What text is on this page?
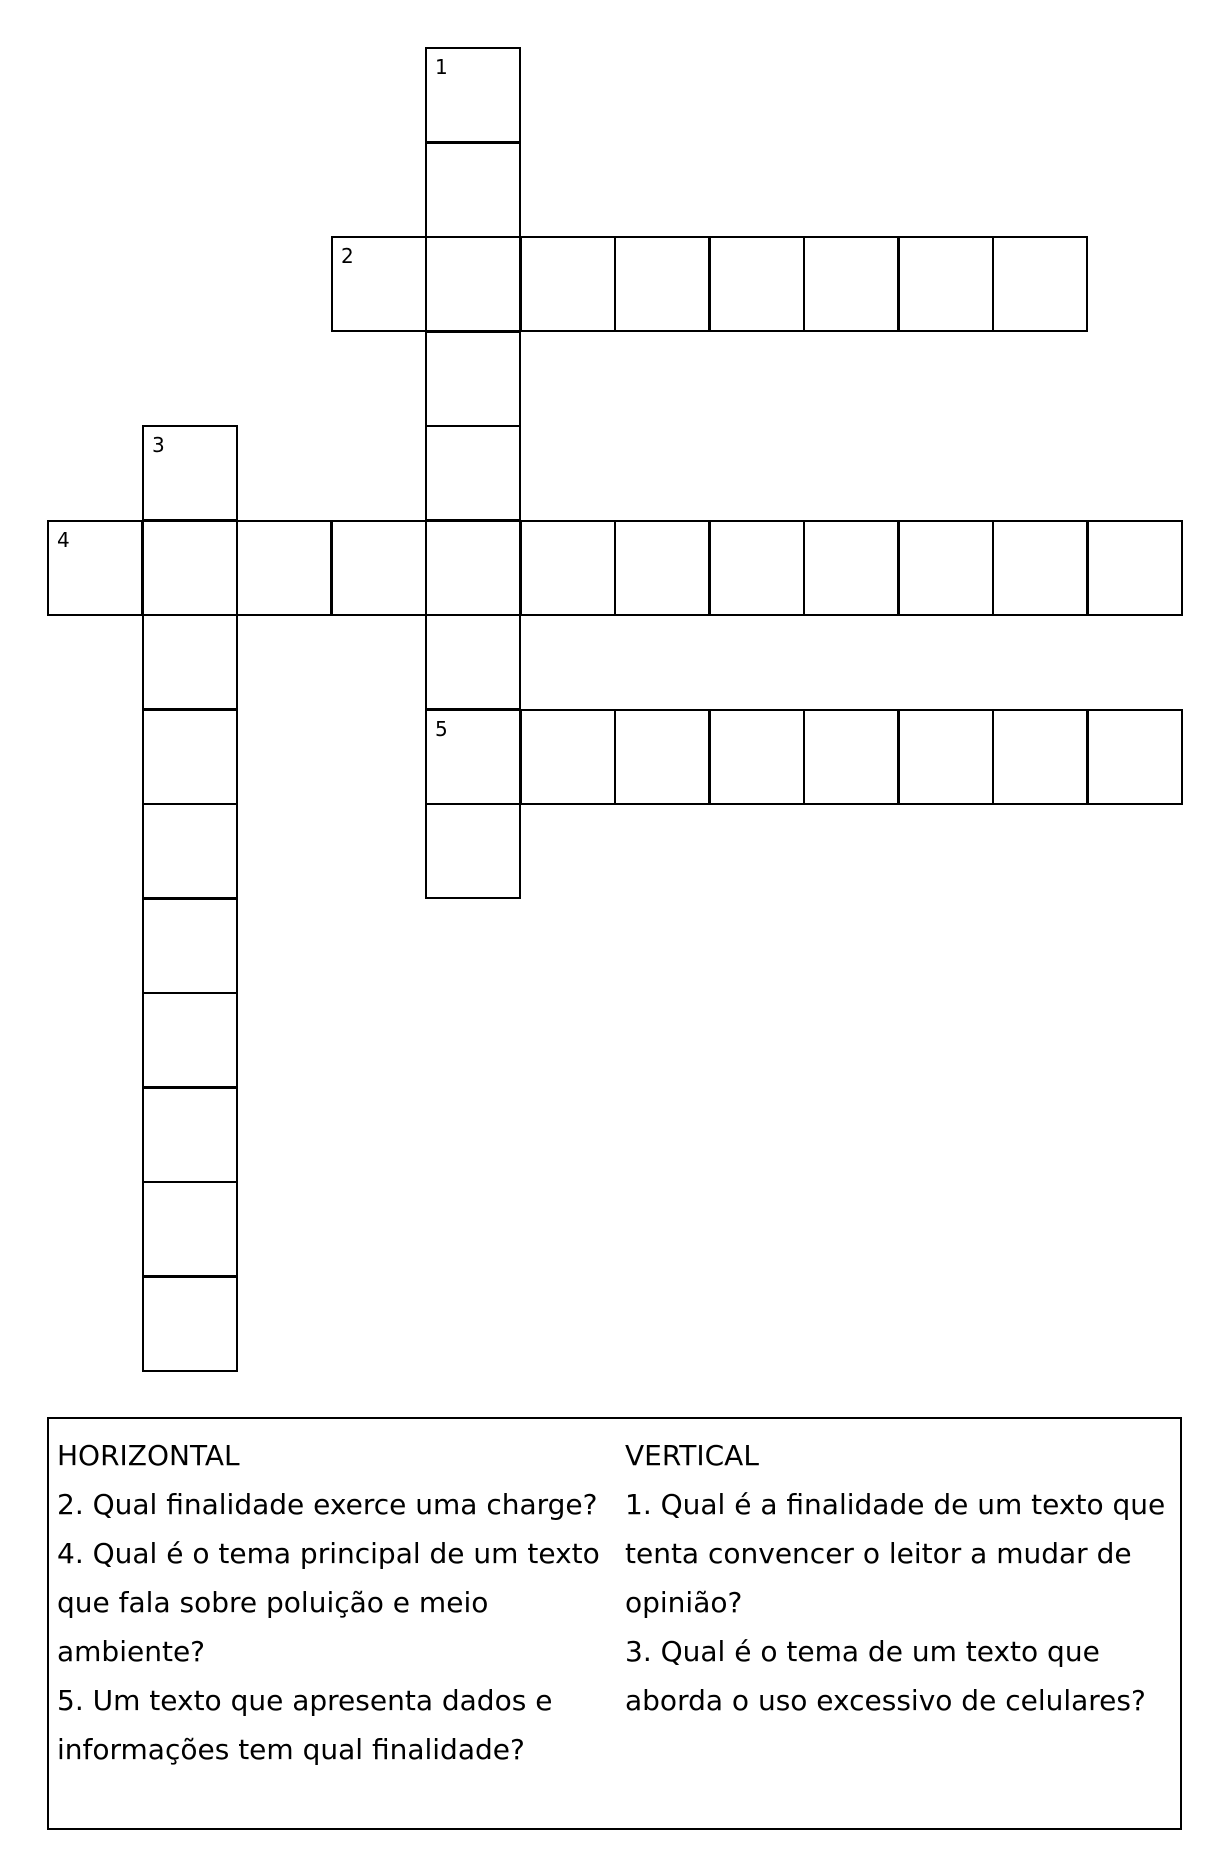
2
4
5
1
3
HORIZONTAL
2. Qual finalidade exerce uma charge?
4. Qual é o tema principal de um texto que fala sobre poluição e meio ambiente?
5. Um texto que apresenta dados e informações tem qual finalidade?
VERTICAL
1. Qual é a finalidade de um texto que tenta convencer o leitor a mudar de opinião?
3. Qual é o tema de um texto que aborda o uso excessivo de celulares?
